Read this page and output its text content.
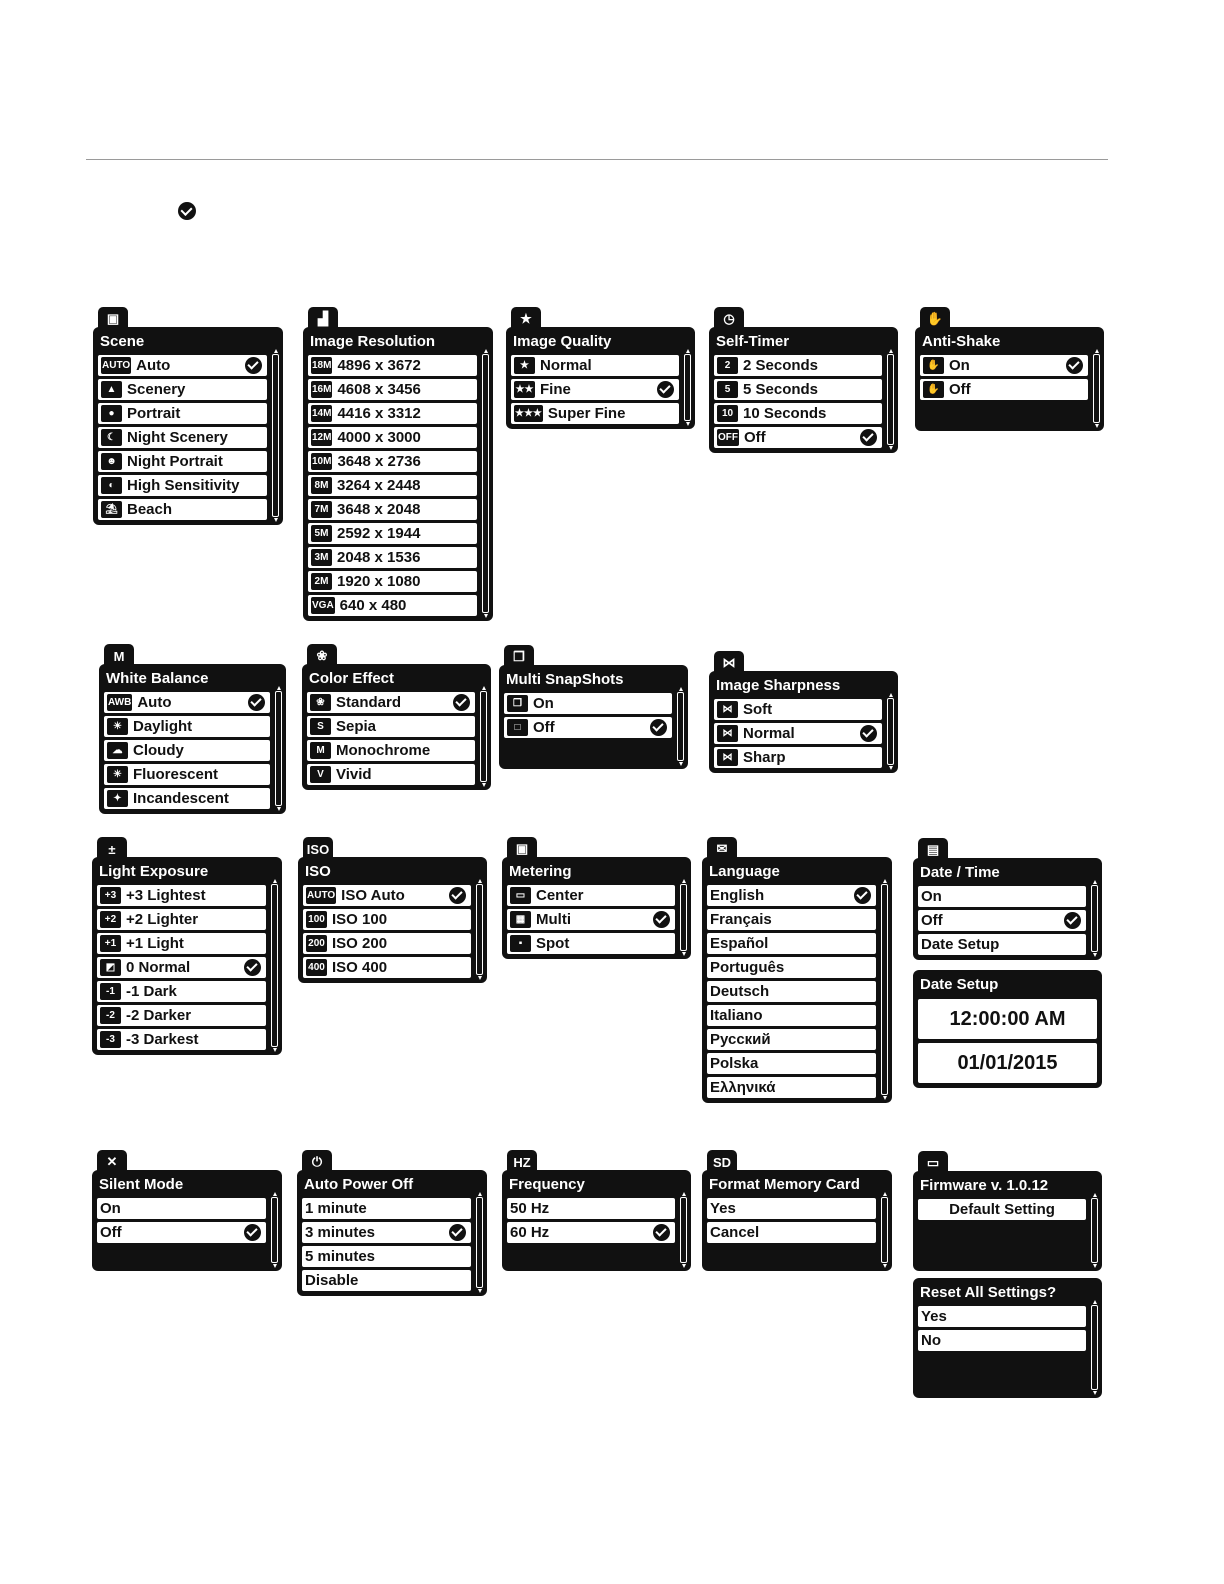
▣
Scene
AUTO Auto
▲ Scenery
● Portrait
☾ Night Scenery
☻ Night Portrait
◐ High Sensitivity
⛱ Beach
▟
Image Resolution
18M 4896 x 3672
16M 4608 x 3456
14M 4416 x 3312
12M 4000 x 3000
10M 3648 x 2736
8M 3264 x 2448
7M 3648 x 2048
5M 2592 x 1944
3M 2048 x 1536
2M 1920 x 1080
VGA 640 x 480
★
Image Quality
★ Normal
★★ Fine
★★★ Super Fine
◷
Self-Timer
2 2 Seconds
5 5 Seconds
10 10 Seconds
OFF Off
✋
Anti-Shake
✋ On
✋ Off
M
White Balance
AWB Auto
☀ Daylight
☁ Cloudy
✳ Fluorescent
✦ Incandescent
❀
Color Effect
❀ Standard
S Sepia
M Monochrome
V Vivid
❐
Multi SnapShots
❐ On
□ Off
⋈
Image Sharpness
⋈ Soft
⋈ Normal
⋈ Sharp
±
Light Exposure
+3 +3 Lightest
+2 +2 Lighter
+1 +1 Light
◩ 0 Normal
-1 -1 Dark
-2 -2 Darker
-3 -3 Darkest
ISO
ISO
AUTO ISO Auto
100 ISO 100
200 ISO 200
400 ISO 400
▣
Metering
▭ Center
▦ Multi
▪ Spot
✉
Language
English
Français
Español
Português
Deutsch
Italiano
Русский
Polska
Ελληνικά
▤
Date / Time
On
Off
Date Setup
Date Setup
12:00:00 AM
01/01/2015
✕
Silent Mode
On
Off
⏻
Auto Power Off
1 minute
3 minutes
5 minutes
Disable
HZ
Frequency
50 Hz
60 Hz
SD
Format Memory Card
Yes
Cancel
▭
Firmware v. 1.0.12
Default Setting
Reset All Settings?
Yes
No
